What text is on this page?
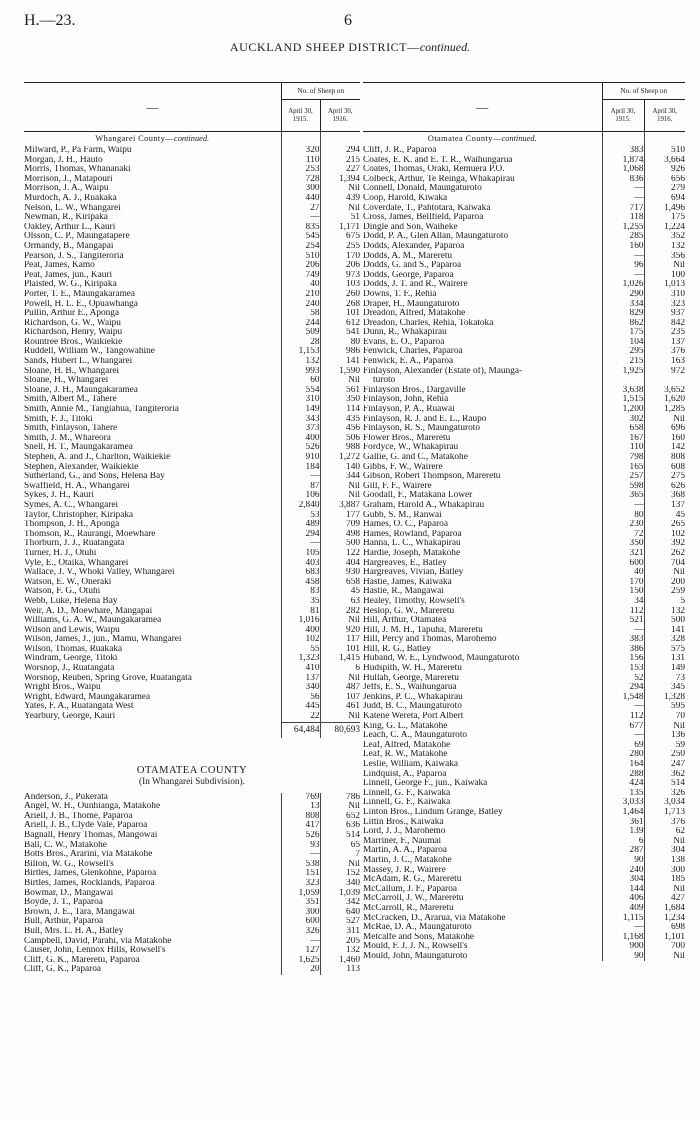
H.—23.	6
AUCKLAND SHEEP DISTRICT—continued.
—	No. of Sheep on	
	April 30,
1915.	April 30,
1916.
Whangarei County—continued.		
Milward, P., Pa Farm, Waipu	320	294
Morgan, J. H., Hauto	110	215
Morris, Thomas, Whananaki	253	227
Morrison, J., Matapouri	728	1,394
Morrison, J. A., Waipu	300	Nil
Murdoch, A. J., Ruakaka	440	439
Nelson, L. W., Whangarei	27	Nil
Newman, R., Kiripaka	—	51
Oakley, Arthur L., Kauri	835	1,171
Olsson, C. P., Maungatapere	545	675
Ormandy, B., Mangapai	254	255
Pearson, J. S., Tangiteroria	510	170
Peat, James, Kamo	206	206
Peat, James, jun., Kauri	749	973
Plaisted, W. G., Kiripaka	40	103
Porter, T. E., Maungakaramea	210	260
Powell, H. L. E., Opuawhanga	240	268
Pullin, Arthur E., Aponga	58	101
Richardson, G. W., Waipu	244	612
Richardson, Henry, Waipu	509	541
Rountree Bros., Waikiekie	28	80
Ruddell, William W., Tangowahine	1,153	986
Sands, Hubert L., Whangarei	132	141
Sloane, H. B., Whangarei	993	1,590
Sloane, H., Whangarei	60	Nil
Sloane, J. H., Maungakaramea	554	561
Smith, Albert M., Tahere	310	350
Smith, Annie M., Tangiahua, Tangiteroria	149	114
Smith, F. J., Titoki	343	435
Smith, Finlayson, Tahere	373	456
Smith, J. M., Whareora	400	506
Snell, H. T., Maungakaramea	526	988
Stephen, A. and J., Charlton, Waikiekie	910	1,272
Stephen, Alexander, Waikiekie	184	140
Sutherland, G., and Sons, Helena Bay	—	344
Swaffield, H. A., Whangarei	87	Nil
Sykes, J. H., Kauri	106	Nil
Symes, A. C., Whangarei	2,840	3,887
Taylor, Christopher, Kiripaka	53	177
Thompson, J. H., Aponga	489	709
Thomson, R., Raurangi, Moewhare	294	498
Thorburn, J. J., Ruatangata	—	500
Turner, H. J., Otuhi	105	122
Vyle, E., Otaika, Whangarei	403	404
Wallace, J. V., Whoki Valley, Whangarei	683	930
Watson, E. W., Oneraki	458	658
Watson, F. G., Otuhi	83	45
Webb, Luke, Helena Bay	35	63
Weir, A. D., Moewhare, Mangapai	81	282
Williams, G. A. W., Maungakaramea	1,016	Nil
Wilson and Lewis, Waipu	400	920
Wilson, James, J., jun., Mamu, Whangarei	102	117
Wilson, Thomas, Ruakaka	55	101
Windram, George, Titoki	1,323	1,415
Worsnop, J., Ruatangata	410	6
Worsnop, Reuben, Spring Grove, Ruatangata	137	Nil
Wright Bros., Waipu	340	487
Wright, Edward, Maungakaramea	56	107
Yates, F. A., Ruatangata West	445	461
Yearbury, George, Kauri	22	Nil
	64,484	80,693

OTAMATEA COUNTY		
(In Whangarei Subdivision).		

Anderson, J., Pukerata	769	786
Angel, W. H., Ounhianga, Matakohe	13	Nil
Ariell, J. B., Thome, Paparoa	808	652
Ariell, J. B., Clyde Vale, Paparoa	417	636
Bagnall, Henry Thomas, Mangowai	526	514
Ball, C. W., Matakohe	93	65
Botts Bros., Ararini, via Matakohe	—	7
Bilton, W. G., Rowsell's	538	Nil
Birtles, James, Glenkohne, Paparoa	151	152
Birtles, James, Rocklands, Paparoa	323	340
Bowmar, D., Mangawai	1,059	1,039
Boyde, J. T., Paparoa	351	342
Brown, J. E., Tara, Mangawai	300	640
Bull, Arthur, Paparoa	600	527
Bull, Mrs. L. H. A., Batley	326	311
Campbell, David, Parahi, via Matakohe	—	205
Causer, John, Lennox Hills, Rowsell's	127	132
Cliff, G. K., Mareretu, Paparoa	1,625	1,460
Cliff, G. K., Paparoa	20	113
—	No. of Sheep on	
	April 30,
1915.	April 30,
1916.
Otamatea County—continued.		
Cliff, J. R., Paparoa	383	510
Coates, E. K. and E. T. R., Waihungarua	1,874	3,664
Coates, Thomas, Oraki, Remuera P.O.	1,068	926
Colbeck, Arthur, Te Reinga, Whakapirau	836	656
Connell, Donald, Maungaturoto	—	279
Coop, Harold, Kiwaka	—	694
Coverdale, T., Pahtotara, Kaiwaka	717	1,496
Cross, James, Bellfield, Paparoa	118	175
Dingle and Son, Waiheke	1,255	1,224
Dodd, P. A., Glen Allan, Maungaturoto	285	352
Dodds, Alexander, Paparoa	160	132
Dodds, A. M., Mareretu	—	356
Dodds, G. and S., Paparoa	96	Nil
Dodds, George, Paparoa	—	100
Dodds, J. T. and R., Wairere	1,026	1,013
Downs, T. F., Rehia	290	310
Draper, H., Maungaturoto	334	323
Dreadon, Alfred, Matakohe	829	937
Dreadon, Charles, Rehia, Tokatoka	862	842
Dunn, R., Whakapirau	175	235
Evans, E. O., Paparoa	104	137
Fenwick, Charles, Paparoa	295	376
Fenwick, E. A., Paparoa	215	163
Finlayson, Alexander (Estate of), Maunga-	1,925	972
turoto		
Finlayson Bros., Dargaville	3,638	3,652
Finlayson, John, Rehia	1,515	1,620
Finlayson, P. A., Ruawai	1,200	1,285
Finlayson, R. J. and E. L., Raupo	302	Nil
Finlayson, R. S., Maungaturoto	658	696
Flower Bros., Mareretu	167	160
Fordyce, W., Whakapirau	110	142
Gallie, G. and C., Matakohe	798	808
Gibbs, F. W., Wairere	165	608
Gibson, Robert Thompson, Mareretu	257	275
Gill, F. F., Wairere	598	626
Goodall, F., Matakana Lower	365	368
Graham, Harold A., Whakapirau	—	137
Gubb, S. M., Ranwai	80	45
Hames, O. C., Paparoa	230	265
Hames, Rowland, Paparoa	72	102
Hanna, L. C., Whakapirau	350	392
Hardie, Joseph, Matakohe	321	262
Hargreaves, E., Batley	600	704
Hargreaves, Vivian, Batley	40	Nil
Hastie, James, Kaiwaka	170	200
Hastie, R., Mangawai	150	259
Healey, Timothy, Rowsell's	34	5
Heslop, G. W., Mareretu	112	132
Hill, Arthur, Otamatea	521	500
Hill, J. M. H., Tapuha, Mareretu	—	141
Hill, Percy and Thomas, Marohemo	383	328
Hill, R. G., Batley	386	575
Huband, W. E., Lyndwood, Maungaturoto	156	131
Hudspith, W. H., Mareretu	153	149
Hullah, George, Mareretu	52	73
Jeffs, E. S., Waihungarua	294	345
Jenkins, P. C., Whakapirau	1,548	1,328
Judd, B. C., Maungaturoto	—	595
Katene Wereta, Port Albert	112	70
King, G. L., Matakohe	677	Nil
Leach, C. A., Maungaturoto	—	136
Leaf, Alfred, Matakohe	69	59
Leaf, R. W., Matakohe	280	250
Leslie, William, Kaiwaka	164	247
Lindquist, A., Paparoa	288	362
Linnell, George F., jun., Kaiwaka	424	514
Linnell, G. F., Kaiwaka	135	326
Linnell, G. F., Kaiwaka	3,033	3,034
Linton Bros., Lindum Grange, Batley	1,464	1,713
Littin Bros., Kaiwaka	361	376
Lord, J. J., Marohemo	139	62
Marriner, F., Naumai	6	Nil
Martin, A. A., Paparoa	287	304
Martin, J. C., Matakohe	90	138
Massey, J. R., Wairere	240	300
McAdam, R. G., Mareretu	304	185
McCallum, J. F., Paparoa	144	Nil
McCarroll, J. W., Mareretu	406	427
McCarroll, R., Mareretu	409	1,684
McCracken, D., Ararua, via Matakohe	1,115	1,234
McRae, D. A., Maungaturoto	—	698
Metcalfe and Sons, Matakohe	1,168	1,101
Mould, F. J. J. N., Rowsell's	900	700
Mould, John, Maungaturoto	90	Nil
